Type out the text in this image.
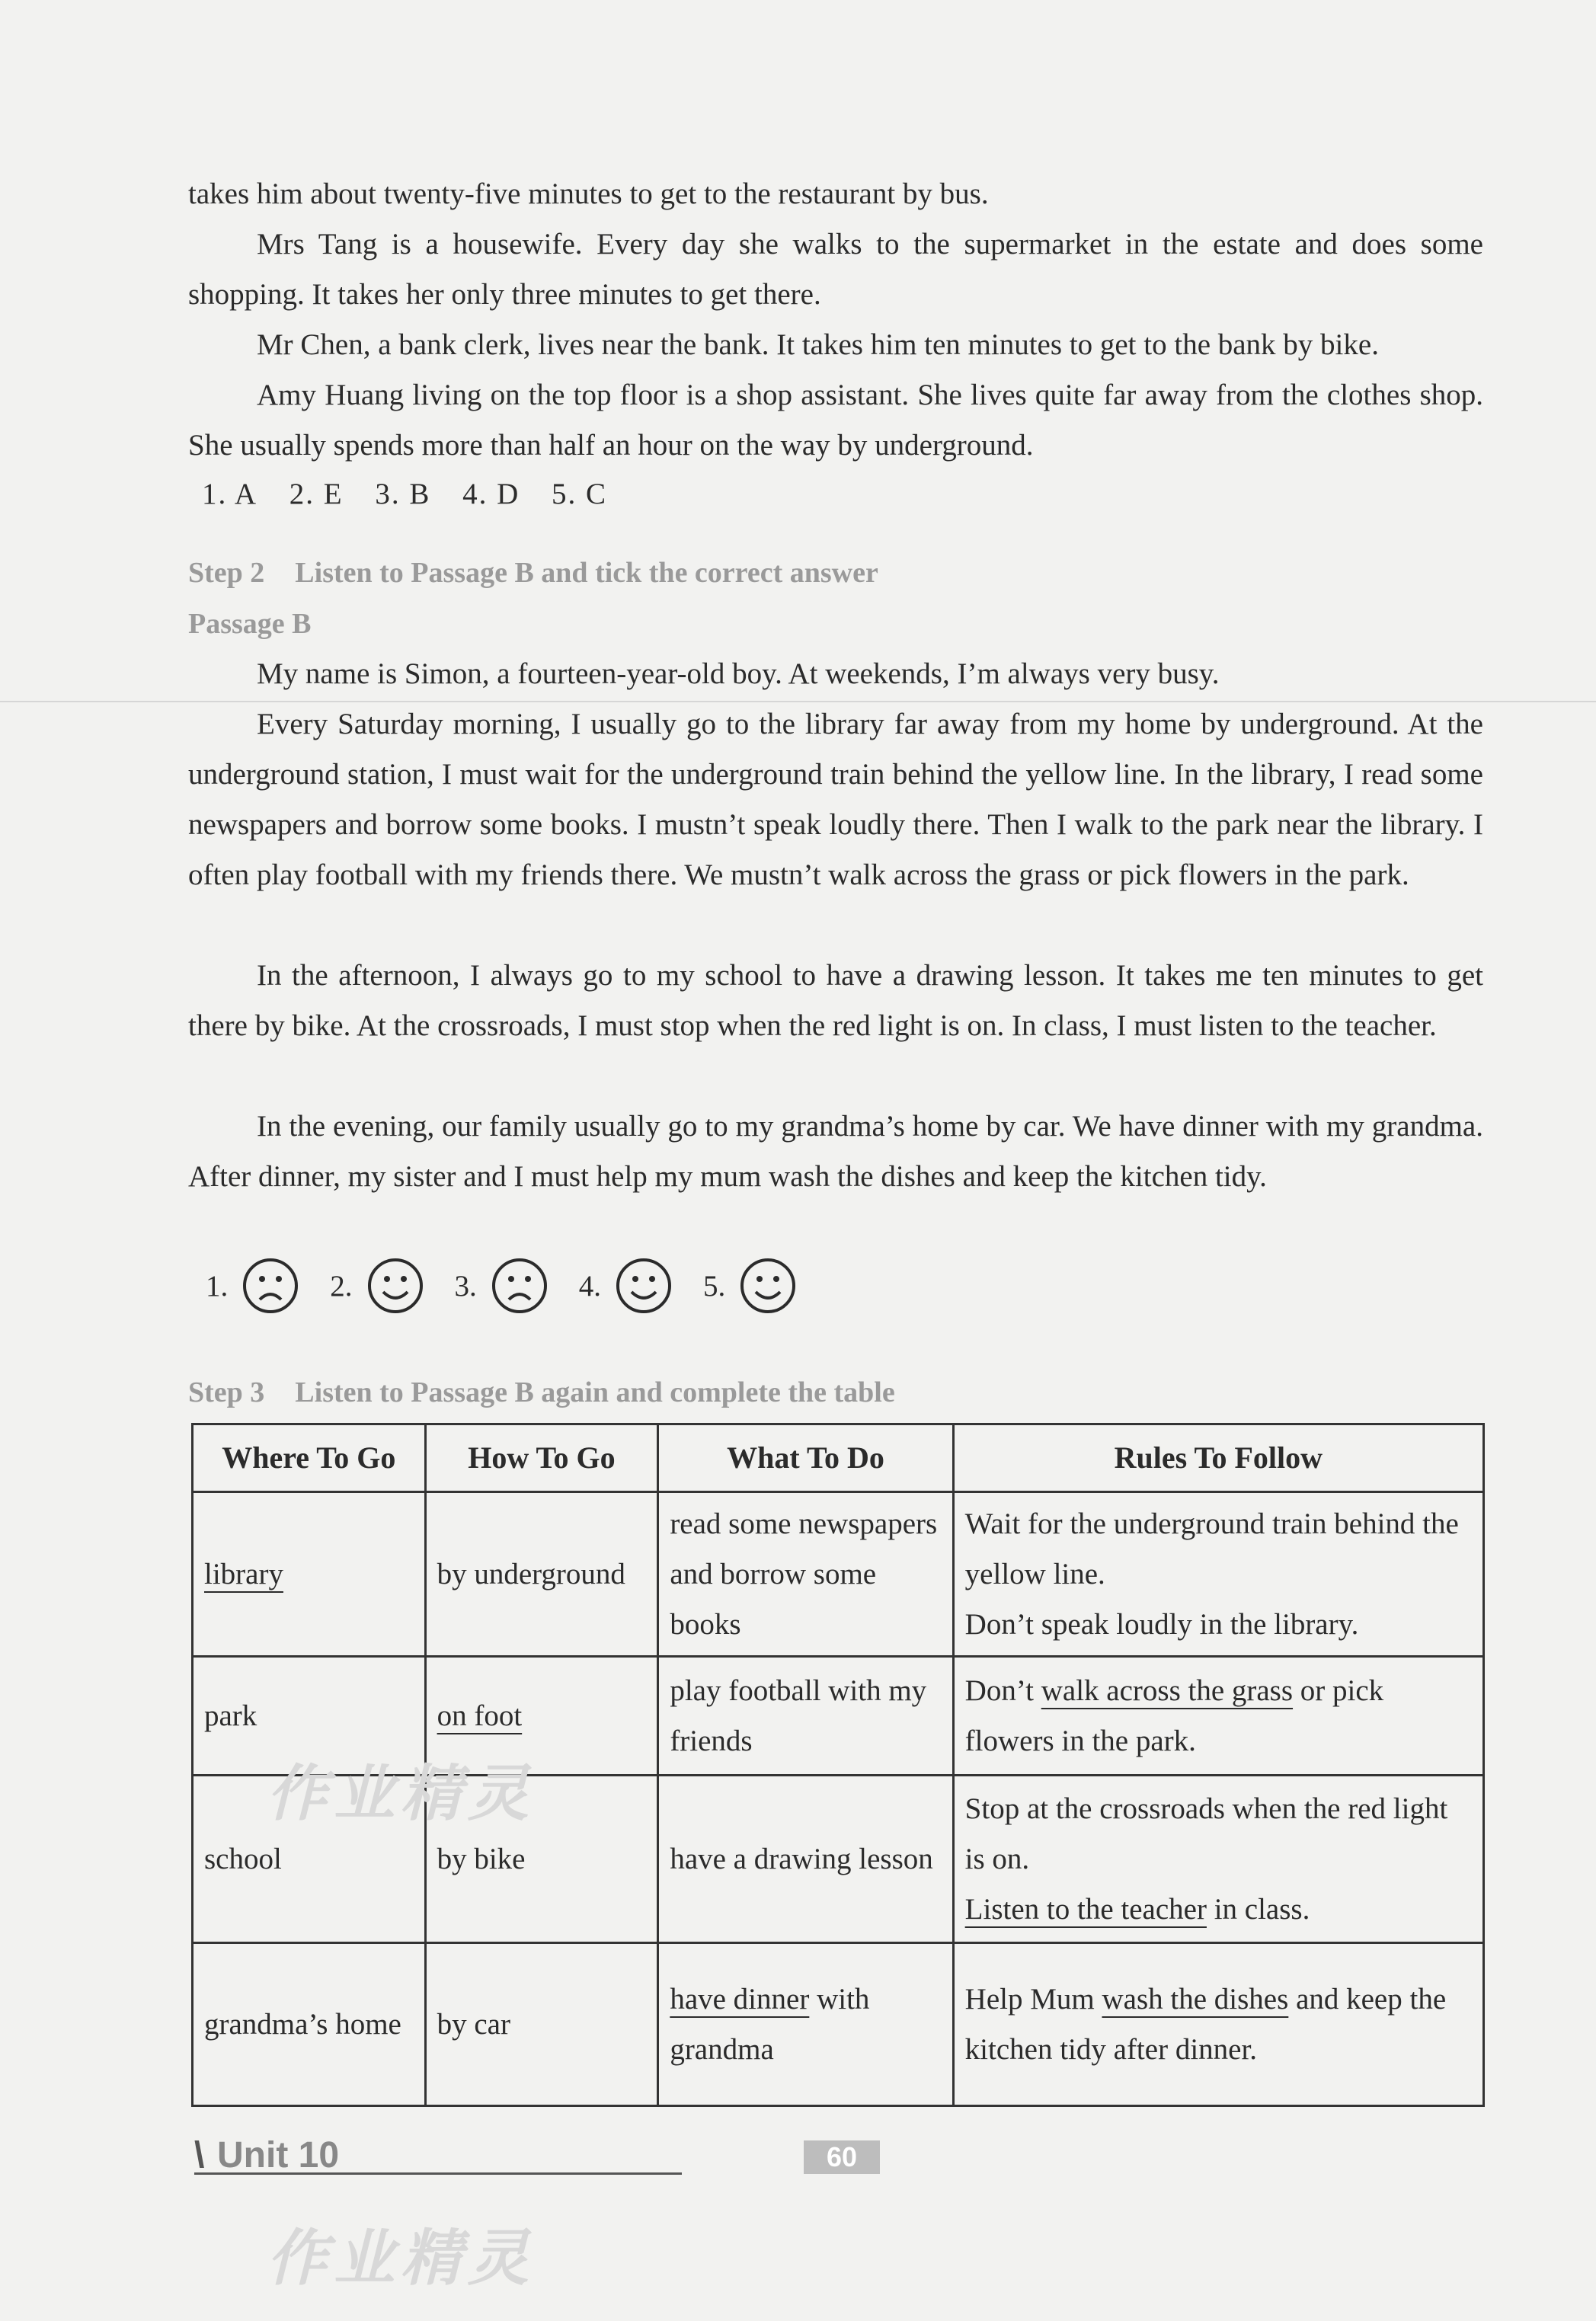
takes him about twenty-five minutes to get to the restaurant by bus.
Mrs Tang is a housewife. Every day she walks to the supermarket in the estate and does some shopping. It takes her only three minutes to get there.
Mr Chen, a bank clerk, lives near the bank. It takes him ten minutes to get to the bank by bike.
Amy Huang living on the top floor is a shop assistant. She lives quite far away from the clothes shop. She usually spends more than half an hour on the way by underground.
1. A 2. E 3. B 4. D 5. C
Step 2 Listen to Passage B and tick the correct answer
Passage B
My name is Simon, a fourteen-year-old boy. At weekends, I’m always very busy.
Every Saturday morning, I usually go to the library far away from my home by underground. At the underground station, I must wait for the underground train behind the yellow line. In the library, I read some newspapers and borrow some books. I mustn’t speak loudly there. Then I walk to the park near the library. I often play football with my friends there. We mustn’t walk across the grass or pick flowers in the park.
In the afternoon, I always go to my school to have a drawing lesson. It takes me ten minutes to get there by bike. At the crossroads, I must stop when the red light is on. In class, I must listen to the teacher.
In the evening, our family usually go to my grandma’s home by car. We have dinner with my grandma. After dinner, my sister and I must help my mum wash the dishes and keep the kitchen tidy.
1.	2.	3.	4.	5.
Step 3 Listen to Passage B again and complete the table
Where To Go	How To Go	What To Do	Rules To Follow
library	by underground	read some newspapers and borrow some books	Wait for the underground train behind the yellow line.
Don’t speak loudly in the library.

park	on foot	play football with my friends	Don’t walk across the grass or pick flowers in the park.
school	by bike	have a drawing lesson	Stop at the crossroads when the red light is on.
Listen to the teacher in class.

grandma’s home	by car	have dinner with grandma	Help Mum wash the dishes and keep the kitchen tidy after dinner.
作业精灵
作业精灵
\ Unit 10	60
